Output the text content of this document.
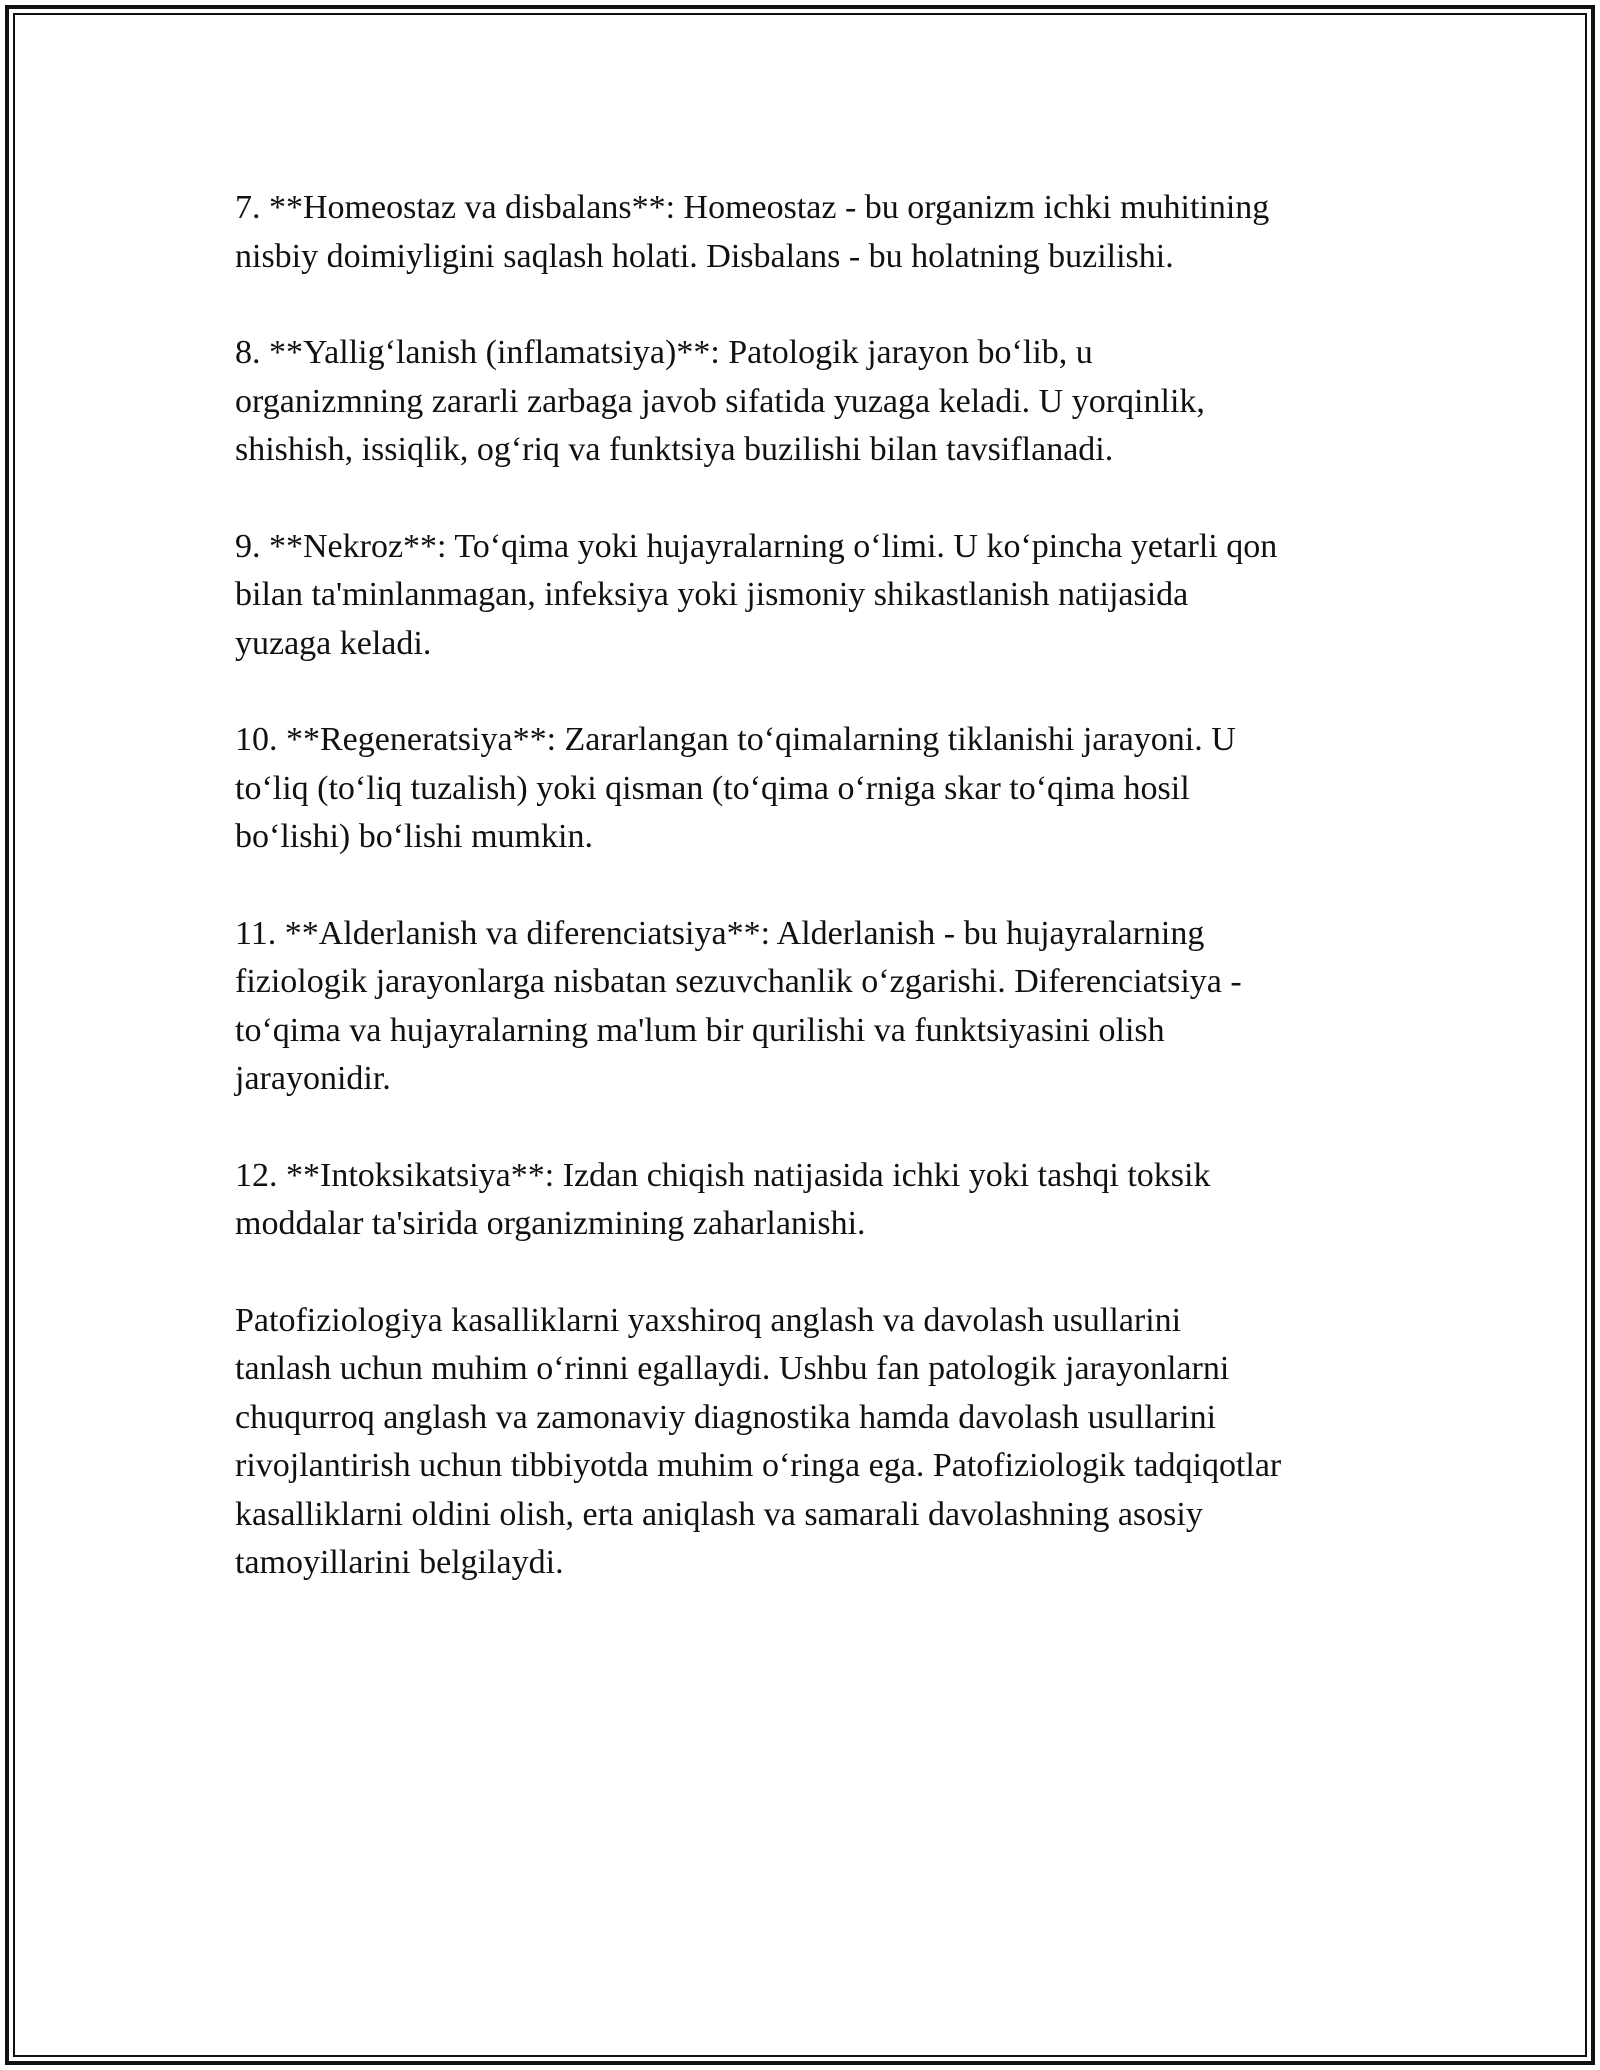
7. **Homeostaz va disbalans**: Homeostaz - bu organizm ichki muhitining
nisbiy doimiyligini saqlash holati. Disbalans - bu holatning buzilishi.

8. **Yallig‘lanish (inflamatsiya)**: Patologik jarayon bo‘lib, u
organizmning zararli zarbaga javob sifatida yuzaga keladi. U yorqinlik,
shishish, issiqlik, og‘riq va funktsiya buzilishi bilan tavsiflanadi.

9. **Nekroz**: To‘qima yoki hujayralarning o‘limi. U ko‘pincha yetarli qon
bilan ta'minlanmagan, infeksiya yoki jismoniy shikastlanish natijasida
yuzaga keladi.

10. **Regeneratsiya**: Zararlangan to‘qimalarning tiklanishi jarayoni. U
to‘liq (to‘liq tuzalish) yoki qisman (to‘qima o‘rniga skar to‘qima hosil
bo‘lishi) bo‘lishi mumkin.

11. **Alderlanish va diferenciatsiya**: Alderlanish - bu hujayralarning
fiziologik jarayonlarga nisbatan sezuvchanlik o‘zgarishi. Diferenciatsiya -
to‘qima va hujayralarning ma'lum bir qurilishi va funktsiyasini olish
jarayonidir.

12. **Intoksikatsiya**: Izdan chiqish natijasida ichki yoki tashqi toksik
moddalar ta'sirida organizmining zaharlanishi.

Patofiziologiya kasalliklarni yaxshiroq anglash va davolash usullarini
tanlash uchun muhim o‘rinni egallaydi. Ushbu fan patologik jarayonlarni
chuqurroq anglash va zamonaviy diagnostika hamda davolash usullarini
rivojlantirish uchun tibbiyotda muhim o‘ringa ega. Patofiziologik tadqiqotlar
kasalliklarni oldini olish, erta aniqlash va samarali davolashning asosiy
tamoyillarini belgilaydi.
